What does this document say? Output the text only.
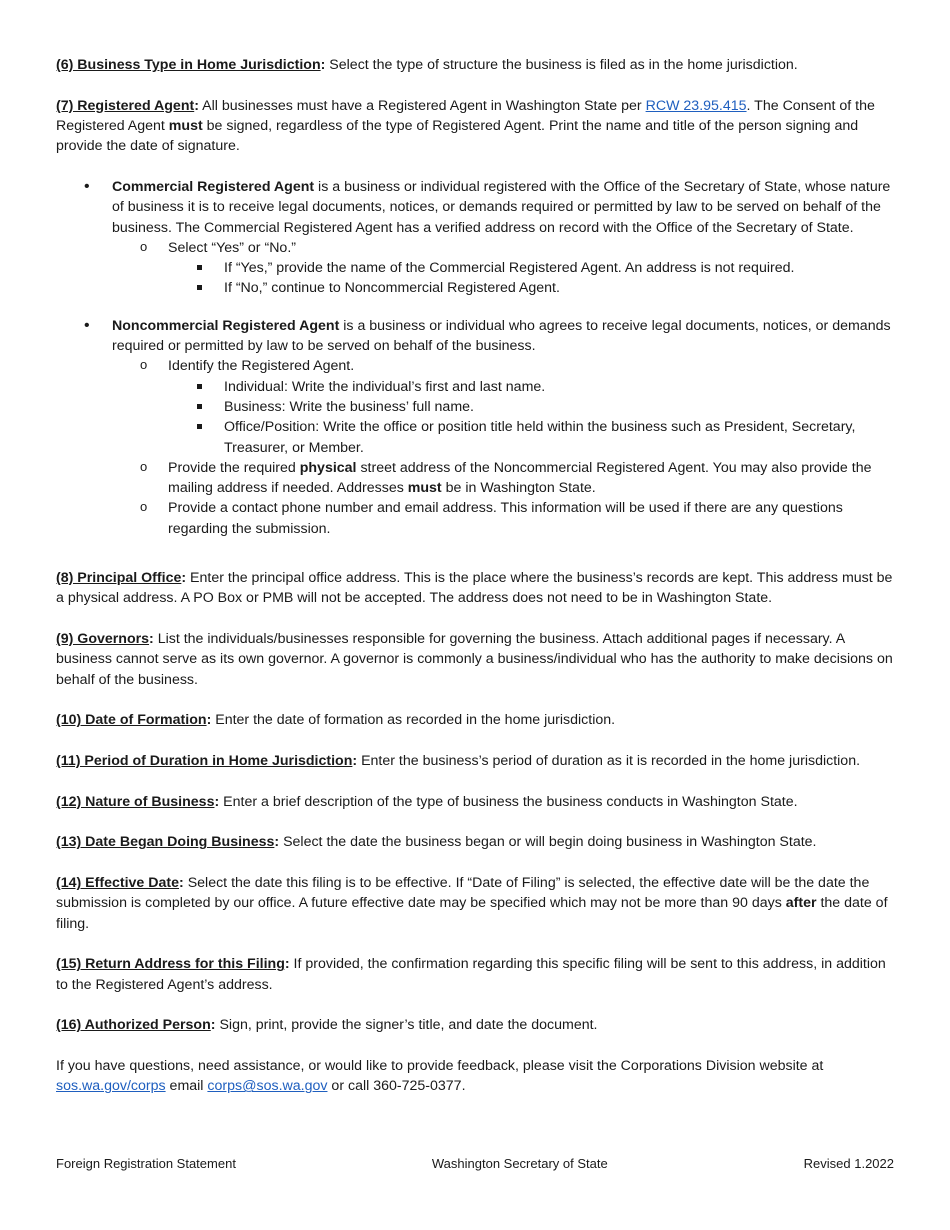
(6) Business Type in Home Jurisdiction: Select the type of structure the business is filed as in the home jurisdiction.

(7) Registered Agent: All businesses must have a Registered Agent in Washington State per RCW 23.95.415. The Consent of the Registered Agent must be signed, regardless of the type of Registered Agent. Print the name and title of the person signing and provide the date of signature.

• Commercial Registered Agent is a business or individual registered with the Office of the Secretary of State, whose nature of business it is to receive legal documents, notices, or demands required or permitted by law to be served on behalf of the business. The Commercial Registered Agent has a verified address on record with the Office of the Secretary of State.
o Select “Yes” or “No.”
If “Yes,” provide the name of the Commercial Registered Agent. An address is not required.
If “No,” continue to Noncommercial Registered Agent.
• Noncommercial Registered Agent is a business or individual who agrees to receive legal documents, notices, or demands required or permitted by law to be served on behalf of the business.
o Identify the Registered Agent.
Individual: Write the individual’s first and last name.
Business: Write the business’ full name.
Office/Position: Write the office or position title held within the business such as President, Secretary, Treasurer, or Member.
o Provide the required physical street address of the Noncommercial Registered Agent. You may also provide the mailing address if needed. Addresses must be in Washington State.
o Provide a contact phone number and email address. This information will be used if there are any questions regarding the submission.

(8) Principal Office: Enter the principal office address. This is the place where the business’s records are kept. This address must be a physical address. A PO Box or PMB will not be accepted. The address does not need to be in Washington State.

(9) Governors: List the individuals/businesses responsible for governing the business. Attach additional pages if necessary. A business cannot serve as its own governor. A governor is commonly a business/individual who has the authority to make decisions on behalf of the business.

(10) Date of Formation: Enter the date of formation as recorded in the home jurisdiction.

(11) Period of Duration in Home Jurisdiction: Enter the business’s period of duration as it is recorded in the home jurisdiction.

(12) Nature of Business: Enter a brief description of the type of business the business conducts in Washington State.

(13) Date Began Doing Business: Select the date the business began or will begin doing business in Washington State.

(14) Effective Date: Select the date this filing is to be effective. If “Date of Filing” is selected, the effective date will be the date the submission is completed by our office. A future effective date may be specified which may not be more than 90 days after the date of filing.

(15) Return Address for this Filing: If provided, the confirmation regarding this specific filing will be sent to this address, in addition to the Registered Agent’s address.

(16) Authorized Person: Sign, print, provide the signer’s title, and date the document.

If you have questions, need assistance, or would like to provide feedback, please visit the Corporations Division website at sos.wa.gov/corps email corps@sos.wa.gov or call 360-725-0377.

Foreign Registration Statement	Washington Secretary of State	Revised 1.2022
